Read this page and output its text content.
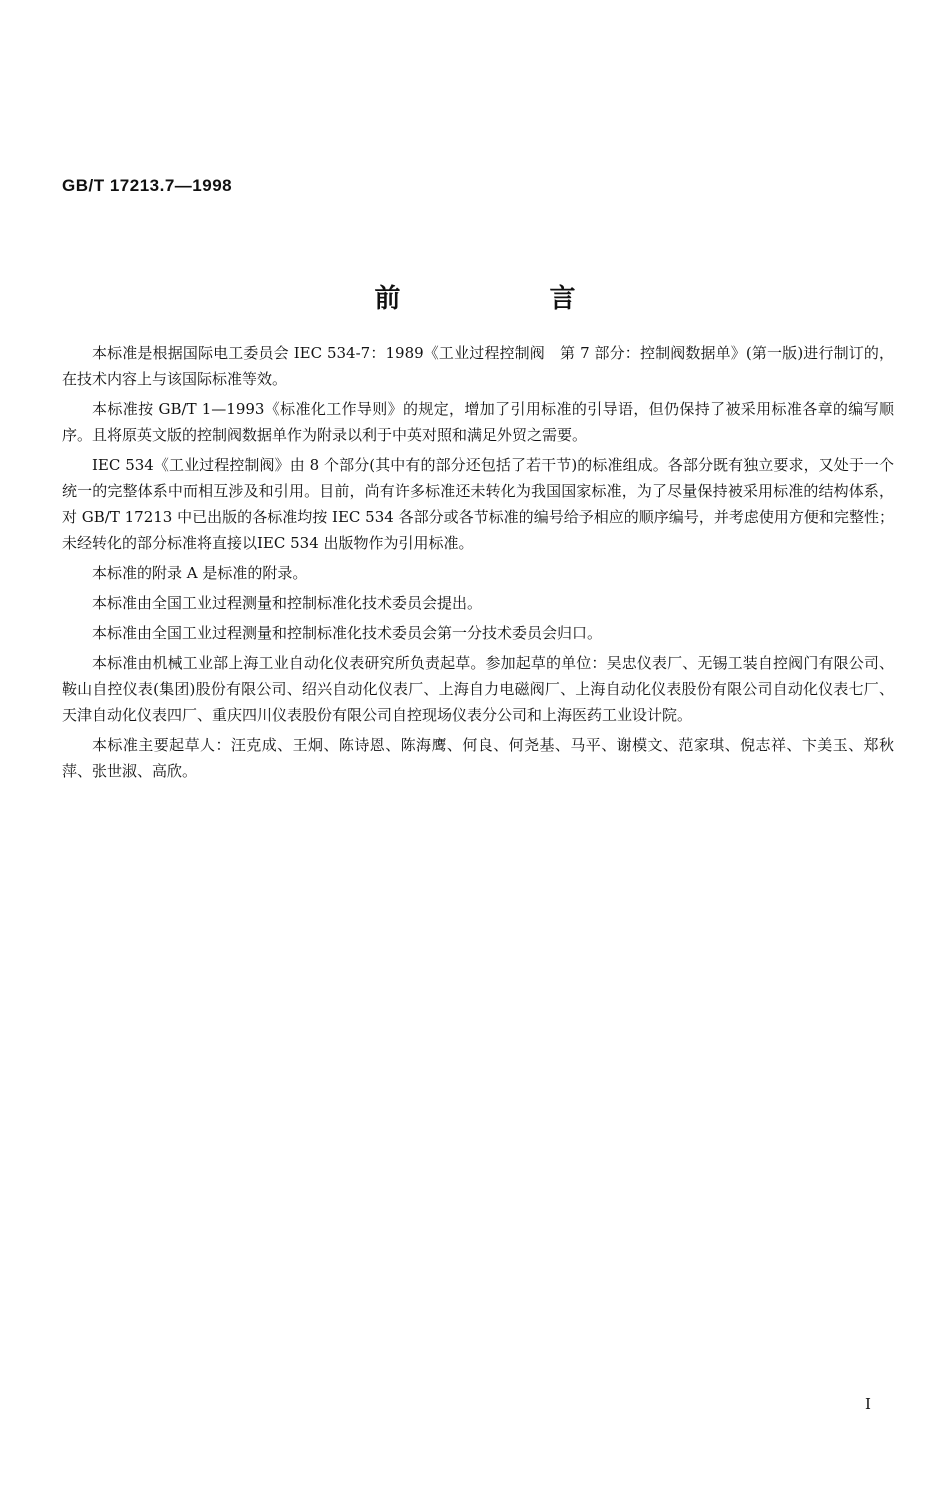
GB/T 17213.7—1998
前 言

本标准是根据国际电工委员会 IEC 534-7：1989《工业过程控制阀　第 7 部分：控制阀数据单》(第一版)进行制订的，在技术内容上与该国际标准等效。

本标准按 GB/T 1—1993《标准化工作导则》的规定，增加了引用标准的引导语，但仍保持了被采用标准各章的编写顺序。且将原英文版的控制阀数据单作为附录以利于中英对照和满足外贸之需要。

IEC 534《工业过程控制阀》由 8 个部分(其中有的部分还包括了若干节)的标准组成。各部分既有独立要求，又处于一个统一的完整体系中而相互涉及和引用。目前，尚有许多标准还未转化为我国国家标准，为了尽量保持被采用标准的结构体系，对 GB/T 17213 中已出版的各标准均按 IEC 534 各部分或各节标准的编号给予相应的顺序编号，并考虑使用方便和完整性；未经转化的部分标准将直接以IEC 534 出版物作为引用标准。

本标准的附录 A 是标准的附录。

本标准由全国工业过程测量和控制标准化技术委员会提出。

本标准由全国工业过程测量和控制标准化技术委员会第一分技术委员会归口。

本标准由机械工业部上海工业自动化仪表研究所负责起草。参加起草的单位：吴忠仪表厂、无锡工装自控阀门有限公司、鞍山自控仪表(集团)股份有限公司、绍兴自动化仪表厂、上海自力电磁阀厂、上海自动化仪表股份有限公司自动化仪表七厂、天津自动化仪表四厂、重庆四川仪表股份有限公司自控现场仪表分公司和上海医药工业设计院。

本标准主要起草人：汪克成、王炯、陈诗恩、陈海鹰、何良、何尧基、马平、谢模文、范家琪、倪志祥、卞美玉、郑秋萍、张世淑、高欣。

I
